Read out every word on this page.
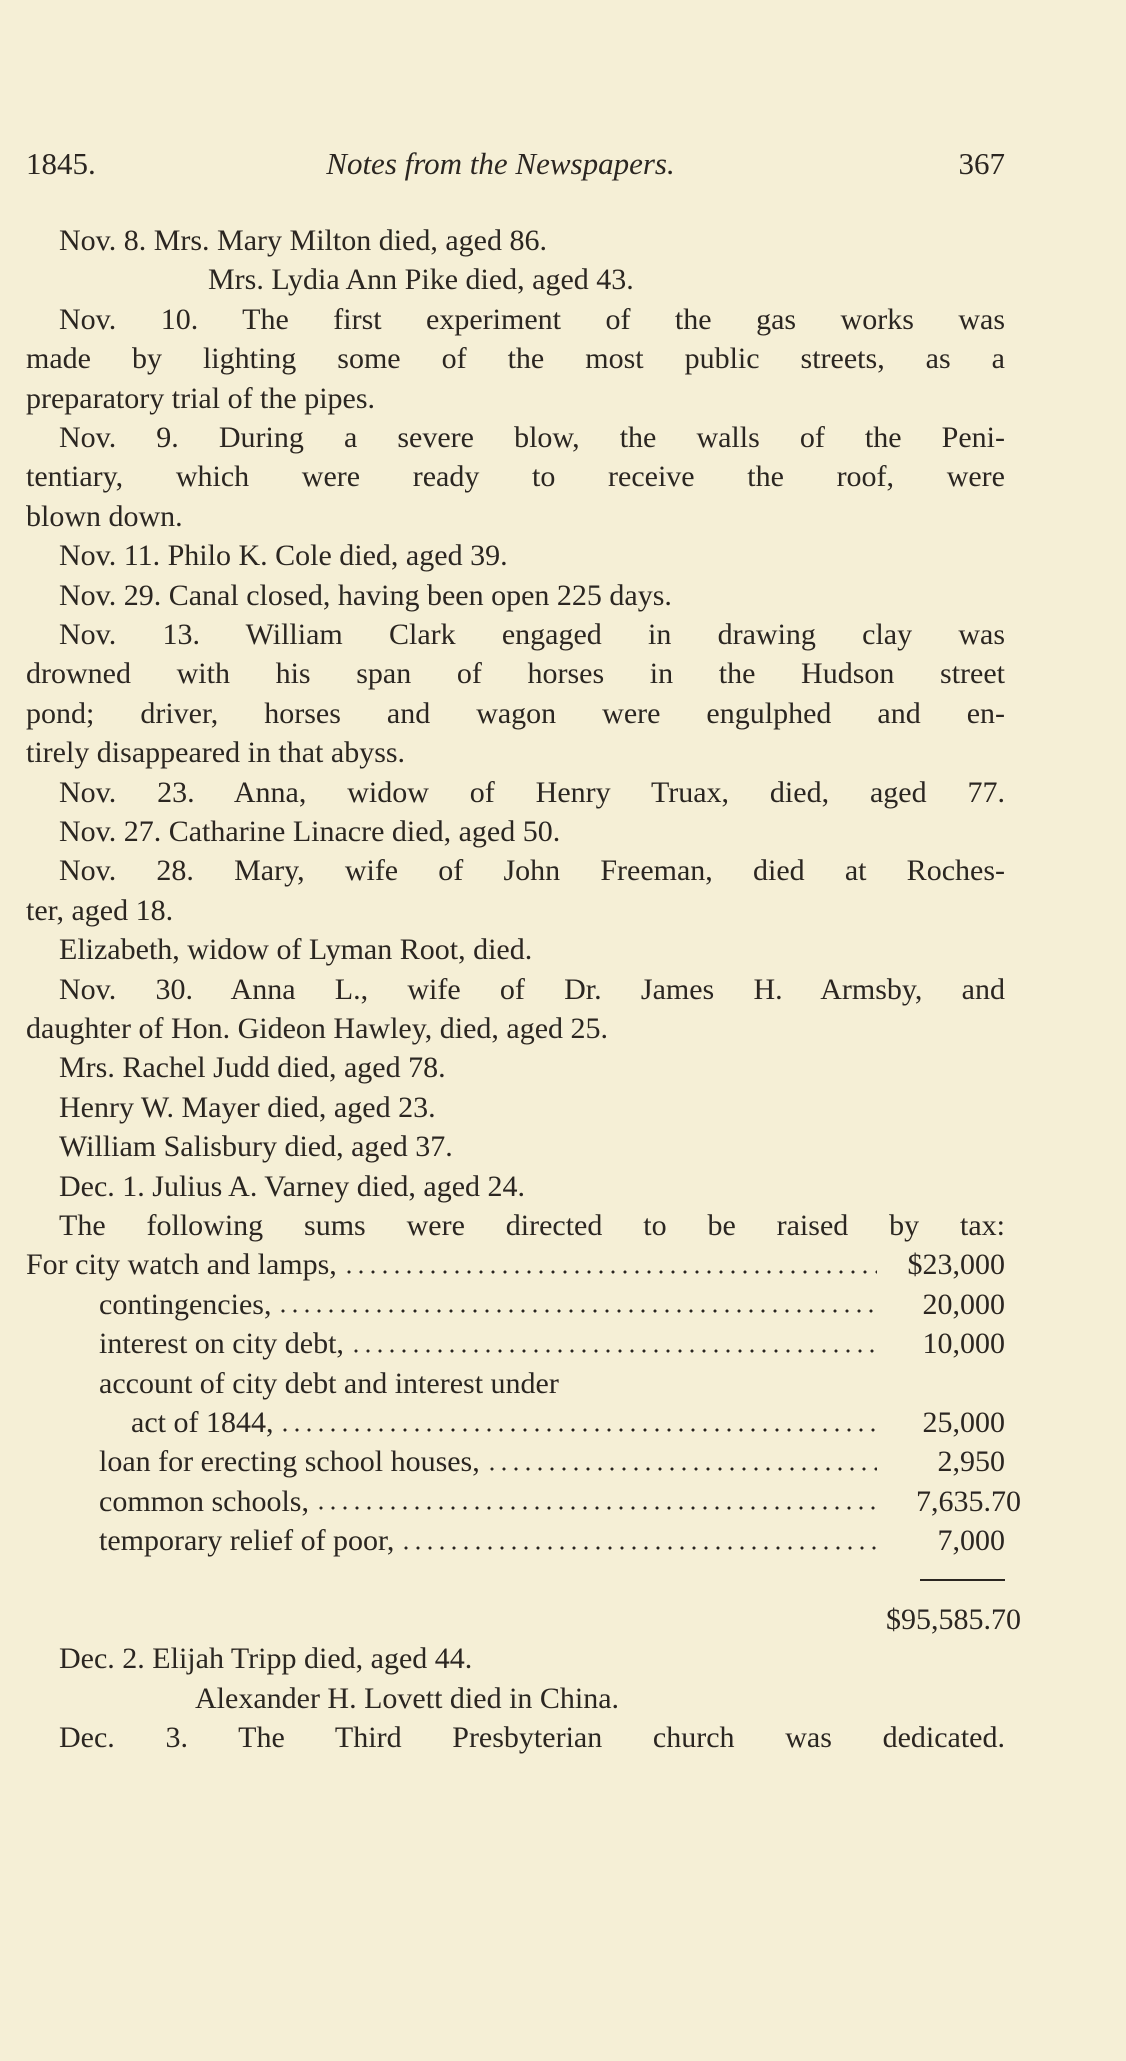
1845.	Notes from the Newspapers.	367
Nov. 8. Mrs. Mary Milton died, aged 86.
Mrs. Lydia Ann Pike died, aged 43.
Nov. 10. The first experiment of the gas works was
made by lighting some of the most public streets, as a
preparatory trial of the pipes.
Nov. 9. During a severe blow, the walls of the Peni-
tentiary, which were ready to receive the roof, were
blown down.
Nov. 11. Philo K. Cole died, aged 39.
Nov. 29. Canal closed, having been open 225 days.
Nov. 13. William Clark engaged in drawing clay was
drowned with his span of horses in the Hudson street
pond; driver, horses and wagon were engulphed and en-
tirely disappeared in that abyss.
Nov. 23. Anna, widow of Henry Truax, died, aged 77.
Nov. 27. Catharine Linacre died, aged 50.
Nov. 28. Mary, wife of John Freeman, died at Roches-
ter, aged 18.
Elizabeth, widow of Lyman Root, died.
Nov. 30. Anna L., wife of Dr. James H. Armsby, and
daughter of Hon. Gideon Hawley, died, aged 25.
Mrs. Rachel Judd died, aged 78.
Henry W. Mayer died, aged 23.
William Salisbury died, aged 37.
Dec. 1. Julius A. Varney died, aged 24.
The following sums were directed to be raised by tax:
For city watch and lamps,	$23,000
contingencies,	20,000
interest on city debt,	10,000
account of city debt and interest under
act of 1844,	25,000
loan for erecting school houses,	2,950
common schools,	7,635.70
temporary relief of poor,	7,000
$95,585.70
Dec. 2. Elijah Tripp died, aged 44.
Alexander H. Lovett died in China.
Dec. 3. The Third Presbyterian church was dedicated.
